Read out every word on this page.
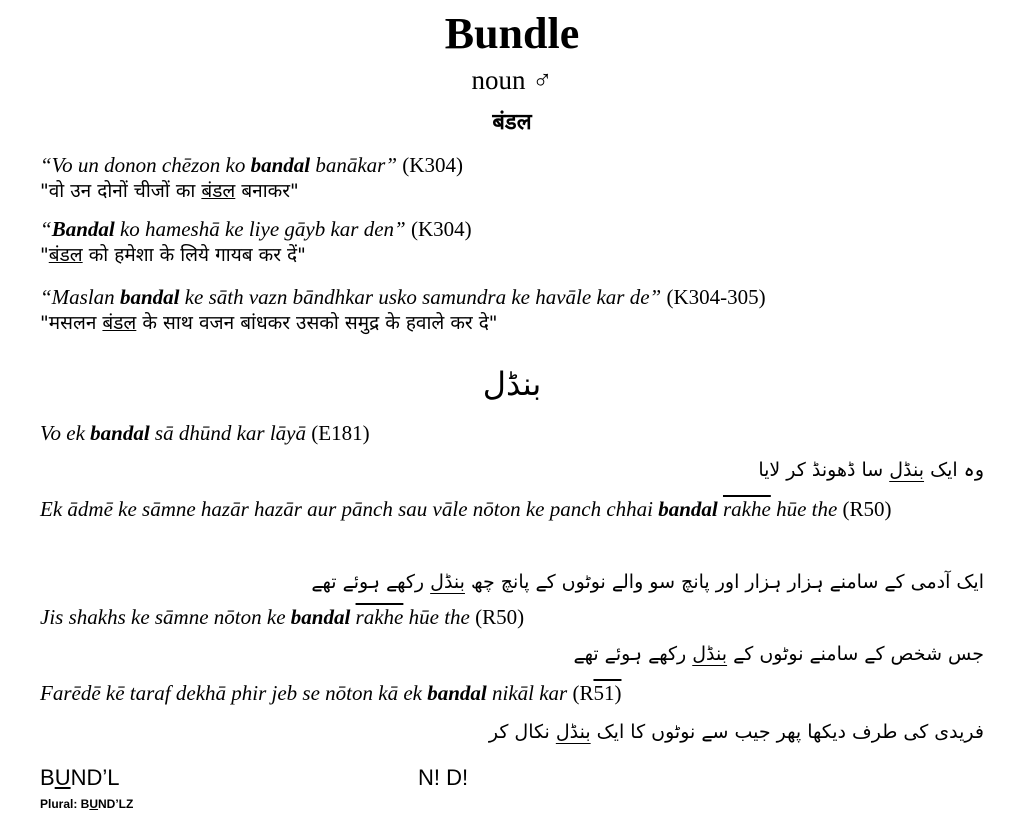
Bundle
noun ♂
बंडल
“Vo un donon chēzon ko bandal banākar” (K304)
"वो उन दोनों चीजों का बंडल बनाकर"
“Bandal ko hameshā ke liye gāyb kar den” (K304)
"बंडल को हमेशा के लिये गायब कर दें"
“Maslan bandal ke sāth vazn bāndhkar usko samundra ke havāle kar de” (K304-305)
"मसलन बंडल के साथ वजन बांधकर उसको समुद्र के हवाले कर दे"
بنڈل
Vo ek bandal sā dhūnd kar lāyā (E181)
وہ ایک بنڈل سا ڈھونڈ کر لایا
Ek ādmē ke sāmne hazār hazār aur pānch sau vāle nōton ke panch chhai bandal rakhe hūe the (R50)
ایک آدمی کے سامنے ہزار ہزار اور پانچ سو والے نوٹوں کے پانچ چھ بنڈل رکھے ہوئے تھے
Jis shakhs ke sāmne nōton ke bandal rakhe hūe the (R50)
جس شخص کے سامنے نوٹوں کے بنڈل رکھے ہوئے تھے
Farēdē kē taraf dekhā phir jeb se nōton kā ek bandal nikāl kar (R51)
فریدی کی طرف دیکھا پھر جیب سے نوٹوں کا ایک بنڈل نکال کر
BUND’L	N! D!
Plural: BUND’LZ
